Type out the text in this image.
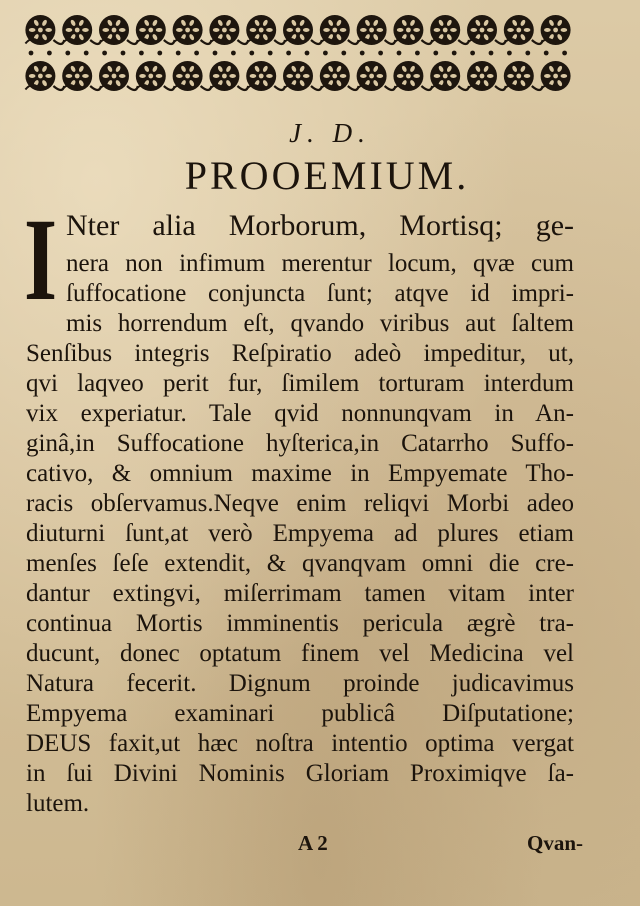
J. D.
PROOEMIUM.
I Nter alia Morborum, Mortisq; ge-
nera non infimum merentur locum, qvæ cum
ſuffocatione conjuncta ſunt; atqve id impri-
mis horrendum eſt, qvando viribus aut ſaltem
Senſibus integris Reſpiratio adeò impeditur, ut,
qvi laqveo perit fur, ſimilem torturam interdum
vix experiatur. Tale qvid nonnunqvam in An-
ginâ,in Suffocatione hyſterica,in Catarrho Suffo-
cativo, & omnium maxime in Empyemate Tho-
racis obſervamus.Neqve enim reliqvi Morbi adeo
diuturni ſunt,at verò Empyema ad plures etiam
menſes ſeſe extendit, & qvanqvam omni die cre-
dantur extingvi, miſerrimam tamen vitam inter
continua Mortis imminentis pericula ægrè tra-
ducunt, donec optatum finem vel Medicina vel
Natura fecerit. Dignum proinde judicavimus
Empyema examinari publicâ Diſputatione;
DEUS faxit,ut hæc noſtra intentio optima vergat
in ſui Divini Nominis Gloriam Proximiqve ſa-
lutem.
A 2	Qvan-
